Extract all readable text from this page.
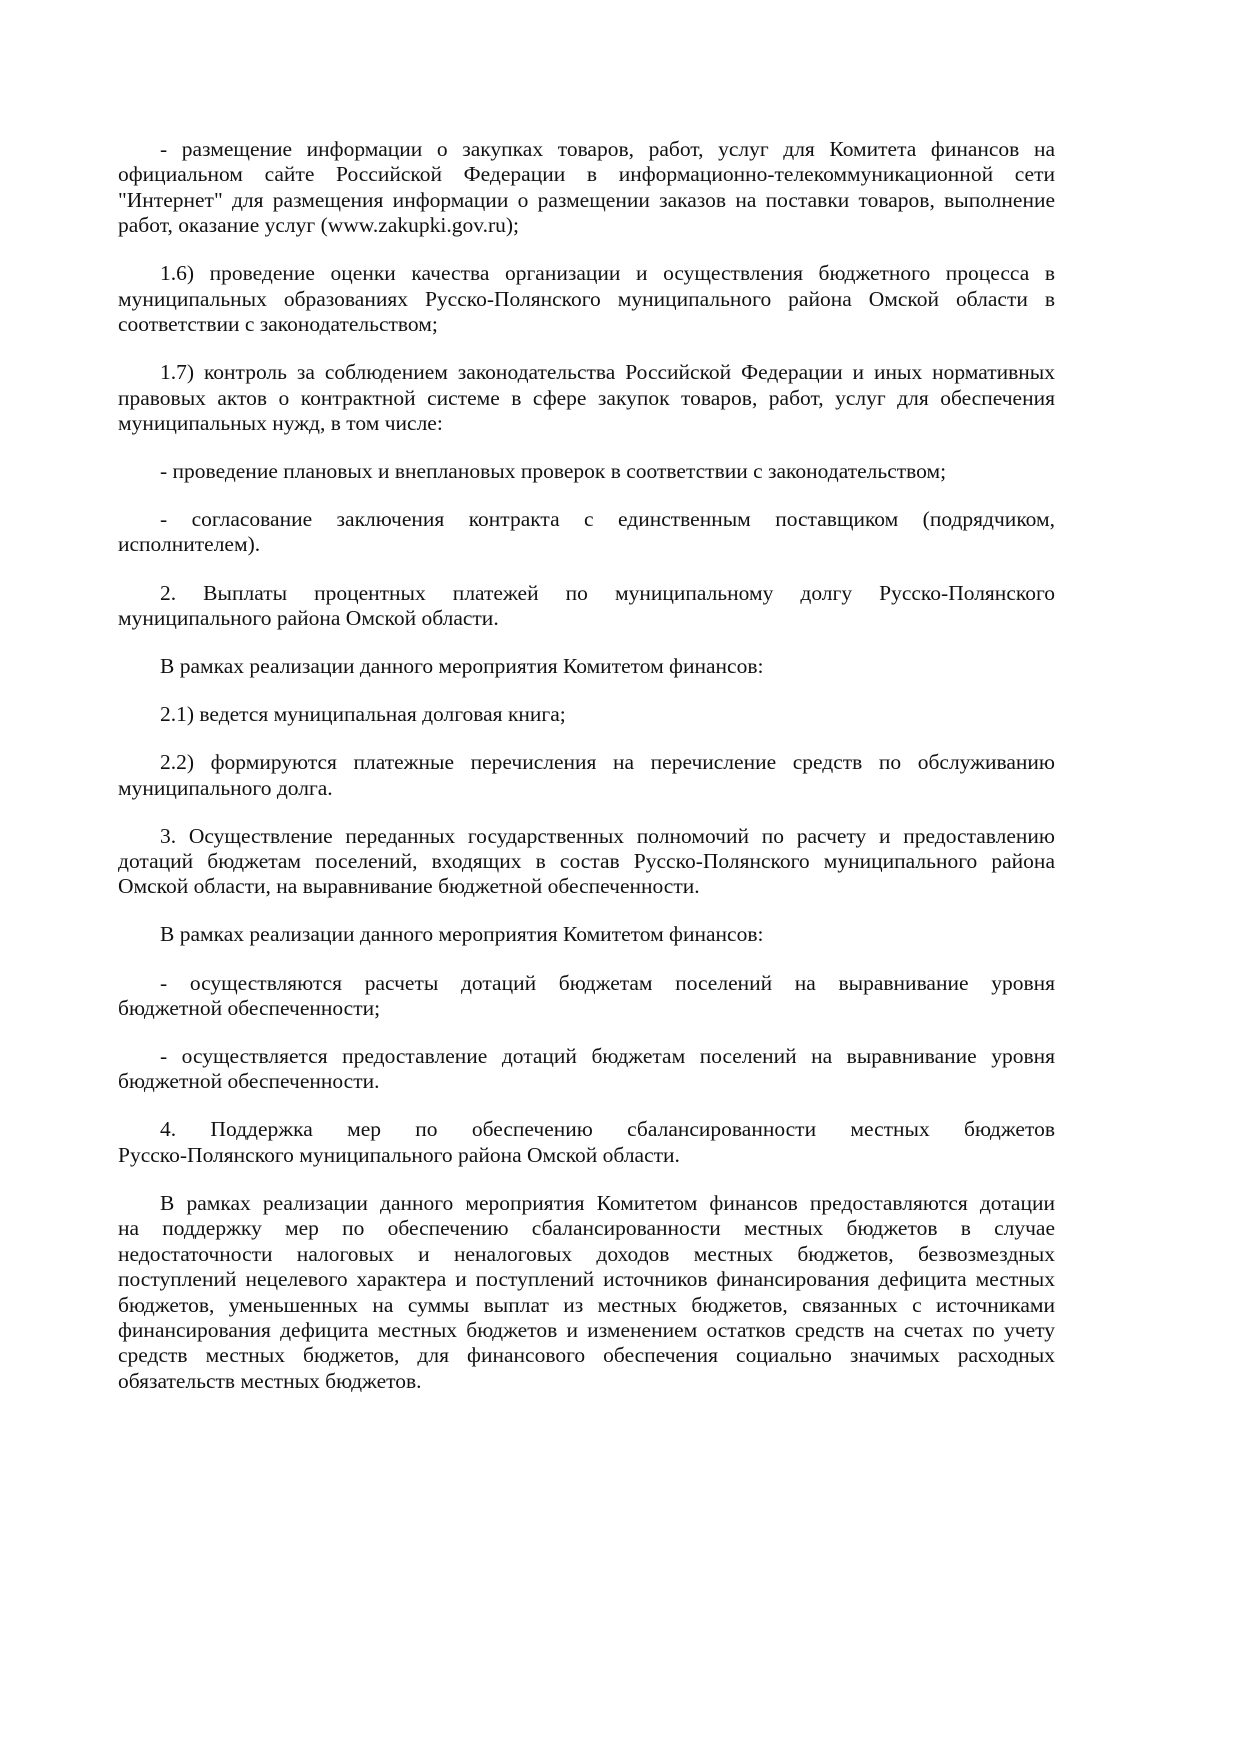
- размещение информации о закупках товаров, работ, услуг для Комитета финансов на
официальном сайте Российской Федерации в информационно-телекоммуникационной сети
"Интернет" для размещения информации о размещении заказов на поставки товаров, выполнение
работ, оказание услуг (www.zakupki.gov.ru);
1.6) проведение оценки качества организации и осуществления бюджетного процесса в
муниципальных образованиях Русско-Полянского муниципального района Омской области в
соответствии с законодательством;
1.7) контроль за соблюдением законодательства Российской Федерации и иных нормативных
правовых актов о контрактной системе в сфере закупок товаров, работ, услуг для обеспечения
муниципальных нужд, в том числе:
- проведение плановых и внеплановых проверок в соответствии с законодательством;
- согласование заключения контракта с единственным поставщиком (подрядчиком,
исполнителем).
2. Выплаты процентных платежей по муниципальному долгу Русско-Полянского
муниципального района Омской области.
В рамках реализации данного мероприятия Комитетом финансов:
2.1) ведется муниципальная долговая книга;
2.2) формируются платежные перечисления на перечисление средств по обслуживанию
муниципального долга.
3. Осуществление переданных государственных полномочий по расчету и предоставлению
дотаций бюджетам поселений, входящих в состав Русско-Полянского муниципального района
Омской области, на выравнивание бюджетной обеспеченности.
В рамках реализации данного мероприятия Комитетом финансов:
- осуществляются расчеты дотаций бюджетам поселений на выравнивание уровня
бюджетной обеспеченности;
- осуществляется предоставление дотаций бюджетам поселений на выравнивание уровня
бюджетной обеспеченности.
4. Поддержка мер по обеспечению сбалансированности местных бюджетов
Русско-Полянского муниципального района Омской области.
В рамках реализации данного мероприятия Комитетом финансов предоставляются дотации
на поддержку мер по обеспечению сбалансированности местных бюджетов в случае
недостаточности налоговых и неналоговых доходов местных бюджетов, безвозмездных
поступлений нецелевого характера и поступлений источников финансирования дефицита местных
бюджетов, уменьшенных на суммы выплат из местных бюджетов, связанных с источниками
финансирования дефицита местных бюджетов и изменением остатков средств на счетах по учету
средств местных бюджетов, для финансового обеспечения социально значимых расходных
обязательств местных бюджетов.
